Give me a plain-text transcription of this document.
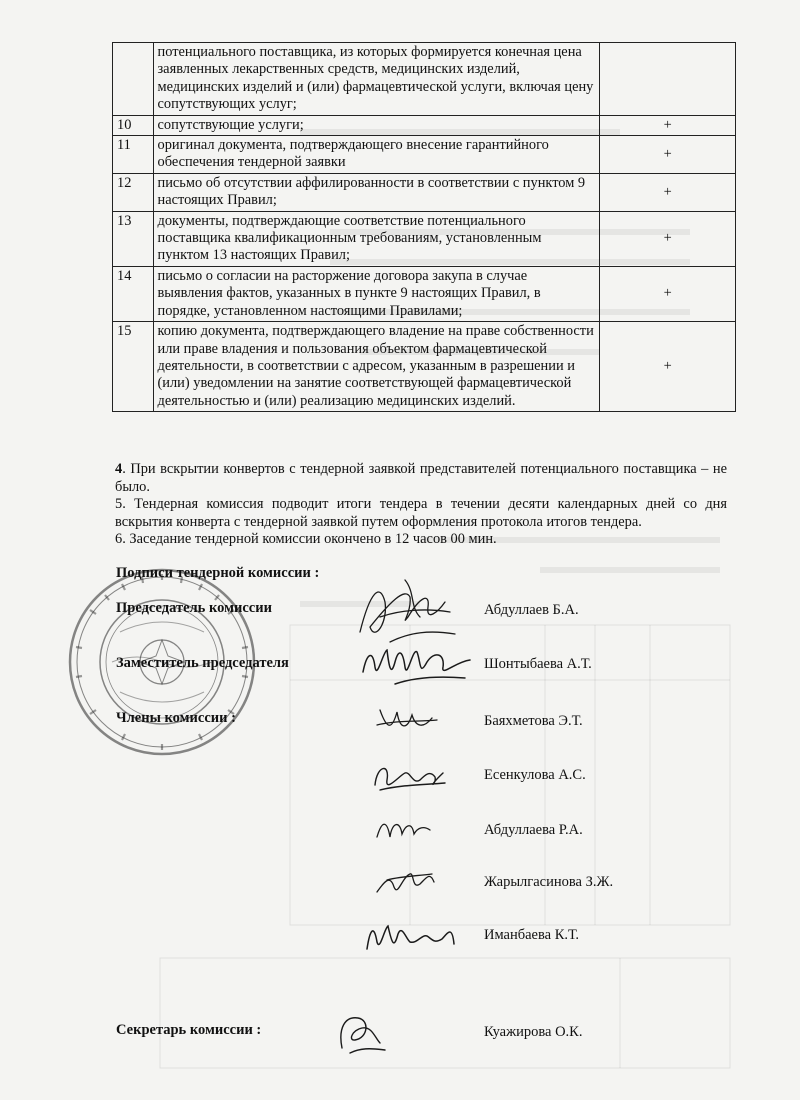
	потенциального поставщика, из которых формируется конечная цена заявленных лекарственных средств, медицинских изделий, медицинских изделий и (или) фармацевтической услуги, включая цену сопутствующих услуг;	
10	сопутствующие услуги;	+
11	оригинал документа, подтверждающего внесение гарантийного обеспечения тендерной заявки	+
12	письмо об отсутствии аффилированности в соответствии с пунктом 9 настоящих Правил;	+
13	документы, подтверждающие соответствие потенциального поставщика квалификационным требованиям, установленным пунктом 13 настоящих Правил;	+
14	письмо о согласии на расторжение договора закупа в случае выявления фактов, указанных в пункте 9 настоящих Правил, в порядке, установленном настоящими Правилами;	+
15	копию документа, подтверждающего владение на праве собственности или праве владения и пользования объектом фармацевтической деятельности, в соответствии с адресом, указанным в разрешении и (или) уведомлении на занятие соответствующей фармацевтической деятельностью и (или) реализацию медицинских изделий.	+

4. При вскрытии конвертов с тендерной заявкой представителей потенциального поставщика – не было.

5. Тендерная комиссия подводит итоги тендера в течении десяти календарных дней со дня вскрытия конверта с тендерной заявкой путем оформления протокола итогов тендера.

6. Заседание тендерной комиссии окончено в 12 часов 00 мин.

Подписи тендерной комиссии :
Председатель комиссии	Абдуллаев Б.А.
Заместитель председателя	Шонтыбаева А.Т.
Члены комиссии :	Баяхметова Э.Т.
Есенкулова А.С.
Абдуллаева Р.А.
Жарылгасинова З.Ж.
Иманбаева К.Т.
Секретарь комиссии :	Куажирова О.К.
